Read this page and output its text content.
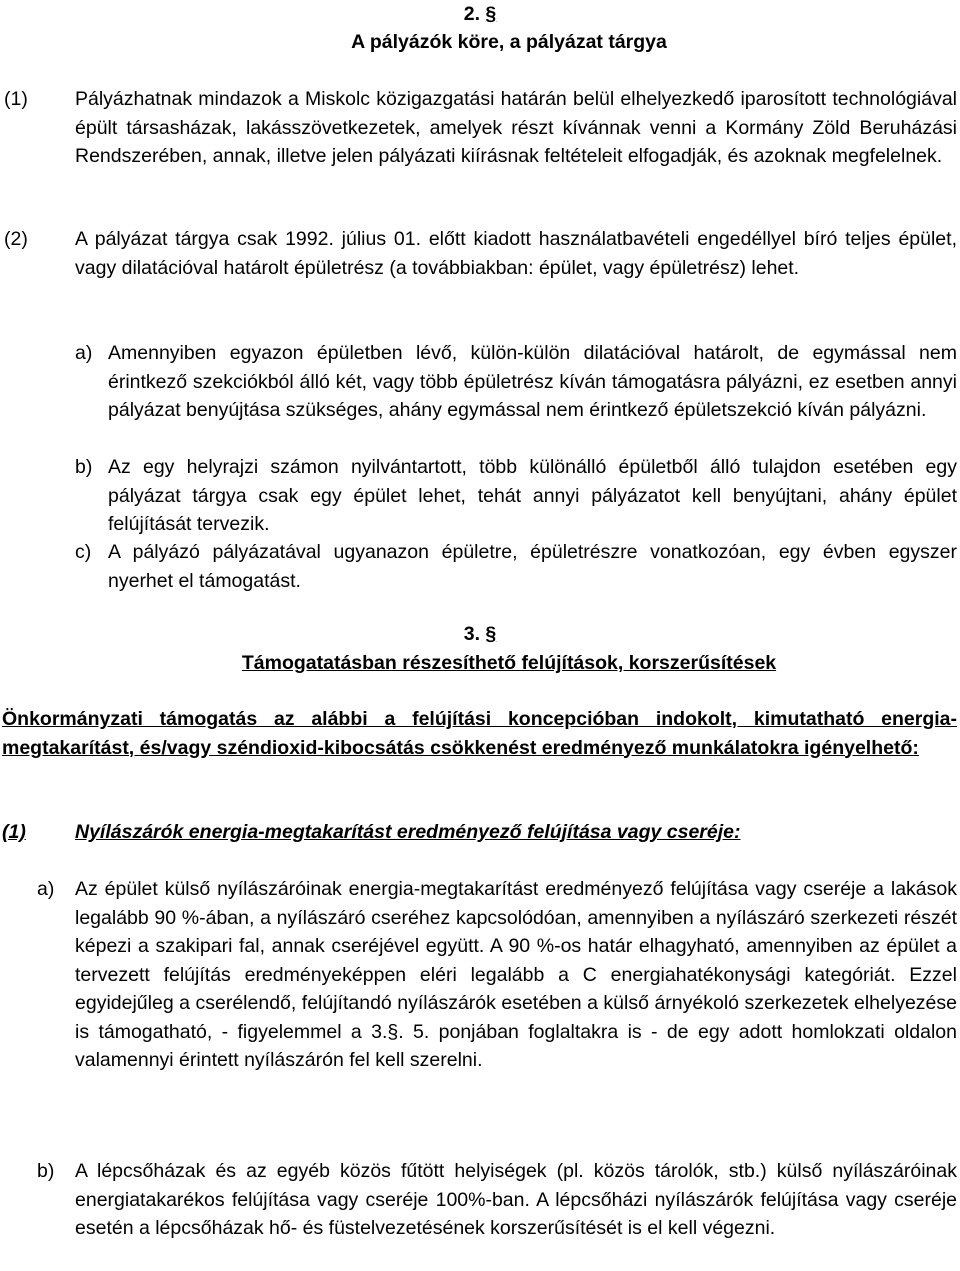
2. §
A pályázók köre, a pályázat tárgya
(1) Pályázhatnak mindazok a Miskolc közigazgatási határán belül elhelyezkedő iparosított technológiával épült társasházak, lakásszövetkezetek, amelyek részt kívánnak venni a Kormány Zöld Beruházási Rendszerében, annak, illetve jelen pályázati kiírásnak feltételeit elfogadják, és azoknak megfelelnek.
(2) A pályázat tárgya csak 1992. július 01. előtt kiadott használatbavételi engedéllyel bíró teljes épület, vagy dilatációval határolt épületrész (a továbbiakban: épület, vagy épületrész) lehet.
a) Amennyiben egyazon épületben lévő, külön-külön dilatációval határolt, de egymással nem érintkező szekciókból álló két, vagy több épületrész kíván támogatásra pályázni, ez esetben annyi pályázat benyújtása szükséges, ahány egymással nem érintkező épületszekció kíván pályázni.
b) Az egy helyrajzi számon nyilvántartott, több különálló épületből álló tulajdon esetében egy pályázat tárgya csak egy épület lehet, tehát annyi pályázatot kell benyújtani, ahány épület felújítását tervezik.
c) A pályázó pályázatával ugyanazon épületre, épületrészre vonatkozóan, egy évben egyszer nyerhet el támogatást.
3. §
Támogatatásban részesíthető felújítások, korszerűsítések
Önkormányzati támogatás az alábbi a felújítási koncepcióban indokolt, kimutatható energia-megtakarítást, és/vagy széndioxid-kibocsátás csökkenést eredményező munkálatokra igényelhető:
(1)	Nyílászárók energia-megtakarítást eredményező felújítása vagy cseréje:
a) Az épület külső nyílászáróinak energia-megtakarítást eredményező felújítása vagy cseréje a lakások legalább 90 %-ában, a nyílászáró cseréhez kapcsolódóan, amennyiben a nyílászáró szerkezeti részét képezi a szakipari fal, annak cseréjével együtt. A 90 %-os határ elhagyható, amennyiben az épület a tervezett felújítás eredményeképpen eléri legalább a C energiahatékonysági kategóriát. Ezzel egyidejűleg a cserélendő, felújítandó nyílászárók esetében a külső árnyékoló szerkezetek elhelyezése is támogatható, - figyelemmel a 3.§. 5. ponjában foglaltakra is - de egy adott homlokzati oldalon valamennyi érintett nyílászárón fel kell szerelni.
b) A lépcsőházak és az egyéb közös fűtött helyiségek (pl. közös tárolók, stb.) külső nyílászáróinak energiatakarékos felújítása vagy cseréje 100%-ban. A lépcsőházi nyílászárók felújítása vagy cseréje esetén a lépcsőházak hő- és füstelvezetésének korszerűsítését is el kell végezni.
